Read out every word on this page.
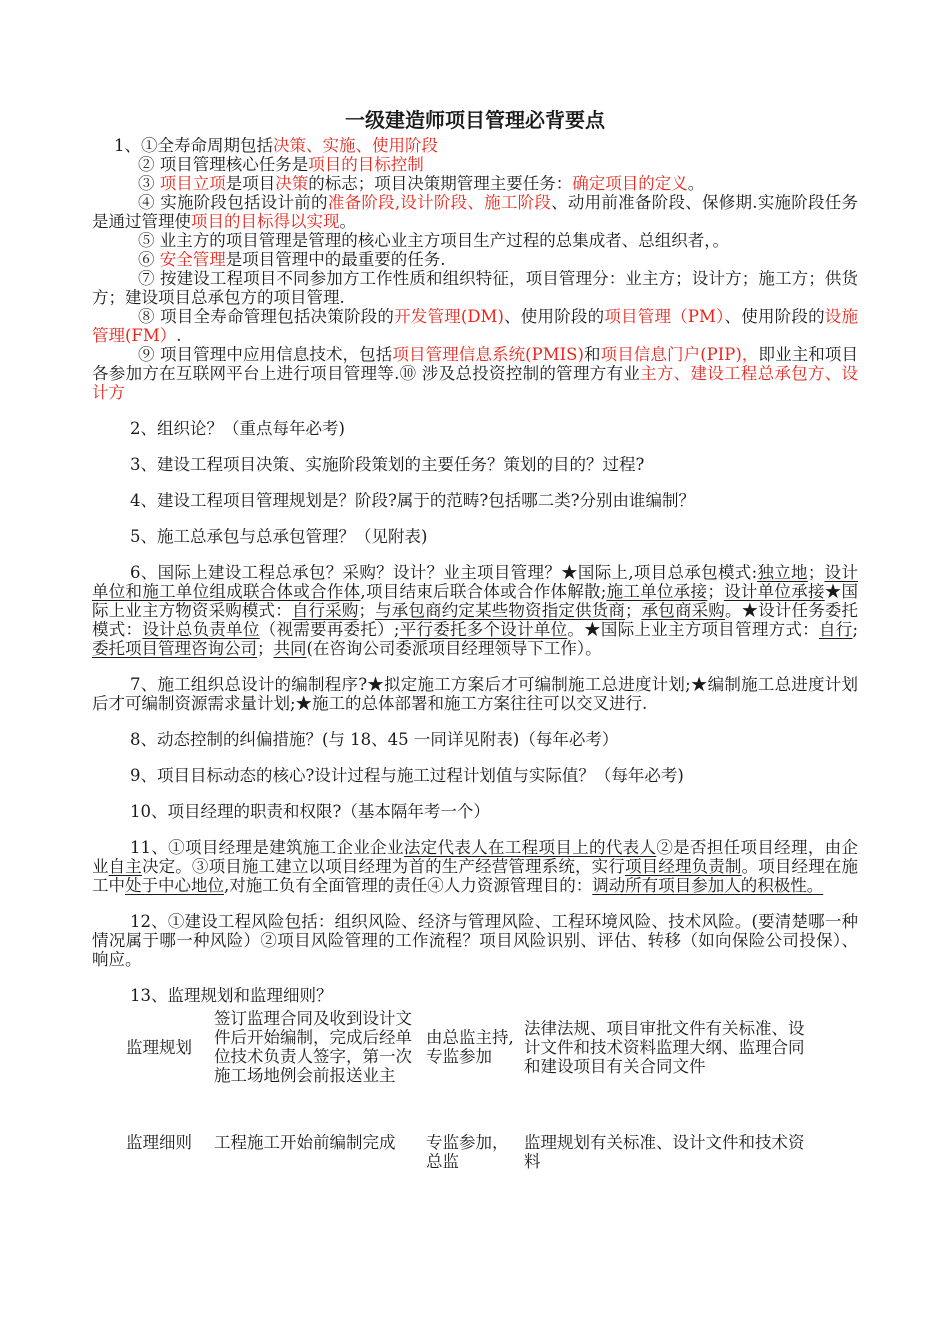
一级建造师项目管理必背要点

1、①全寿命周期包括决策、实施、使用阶段

② 项目管理核心任务是项目的目标控制

③ 项目立项是项目决策的标志；项目决策期管理主要任务：确定项目的定义。

④ 实施阶段包括设计前的准备阶段,设计阶段、施工阶段、动用前准备阶段、保修期.实施阶段任务是通过管理使项目的目标得以实现。

⑤ 业主方的项目管理是管理的核心业主方项目生产过程的总集成者、总组织者，。

⑥ 安全管理是项目管理中的最重要的任务.

⑦ 按建设工程项目不同参加方工作性质和组织特征，项目管理分：业主方；设计方；施工方；供货方；建设项目总承包方的项目管理.

⑧ 项目全寿命管理包括决策阶段的开发管理(DM)、使用阶段的项目管理（PM）、使用阶段的设施管理(FM）.

⑨ 项目管理中应用信息技术，包括项目管理信息系统(PMIS)和项目信息门户(PIP)，即业主和项目各参加方在互联网平台上进行项目管理等.⑩ 涉及总投资控制的管理方有业主方、建设工程总承包方、设计方

2、组织论？（重点每年必考)

3、建设工程项目决策、实施阶段策划的主要任务？策划的目的？过程?

4、建设工程项目管理规划是？阶段?属于的范畴?包括哪二类?分别由谁编制？

5、施工总承包与总承包管理？（见附表)

6、国际上建设工程总承包？采购？设计？业主项目管理？★国际上,项目总承包模式:独立地；设计单位和施工单位组成联合体或合作体,项目结束后联合体或合作体解散;施工单位承接；设计单位承接★国际上业主方物资采购模式：自行采购；与承包商约定某些物资指定供货商；承包商采购。★设计任务委托模式：设计总负责单位（视需要再委托）;平行委托多个设计单位。★国际上业主方项目管理方式：自行;委托项目管理咨询公司；共同(在咨询公司委派项目经理领导下工作）。

7、施工组织总设计的编制程序?★拟定施工方案后才可编制施工总进度计划;★编制施工总进度计划后才可编制资源需求量计划;★施工的总体部署和施工方案往往可以交叉进行.

8、动态控制的纠偏措施？(与 18、45 一同详见附表)（每年必考）

9、项目目标动态的核心?设计过程与施工过程计划值与实际值？（每年必考)

10、项目经理的职责和权限?（基本隔年考一个）

11、①项目经理是建筑施工企业企业法定代表人在工程项目上的代表人②是否担任项目经理，由企业自主决定。③项目施工建立以项目经理为首的生产经营管理系统，实行项目经理负责制。项目经理在施工中处于中心地位,对施工负有全面管理的责任④人力资源管理目的：调动所有项目参加人的积极性。

12、①建设工程风险包括：组织风险、经济与管理风险、工程环境风险、技术风险。(要清楚哪一种情况属于哪一种风险）②项目风险管理的工作流程？项目风险识别、评估、转移（如向保险公司投保）、响应。

13、监理规划和监理细则？

监理规划	签订监理合同及收到设计文件后开始编制，完成后经单位技术负责人签字，第一次施工场地例会前报送业主	由总监主持,专监参加	法律法规、项目审批文件有关标准、设计文件和技术资料监理大纲、监理合同和建设项目有关合同文件
监理细则	工程施工开始前编制完成	专监参加，总监	监理规划有关标准、设计文件和技术资料
